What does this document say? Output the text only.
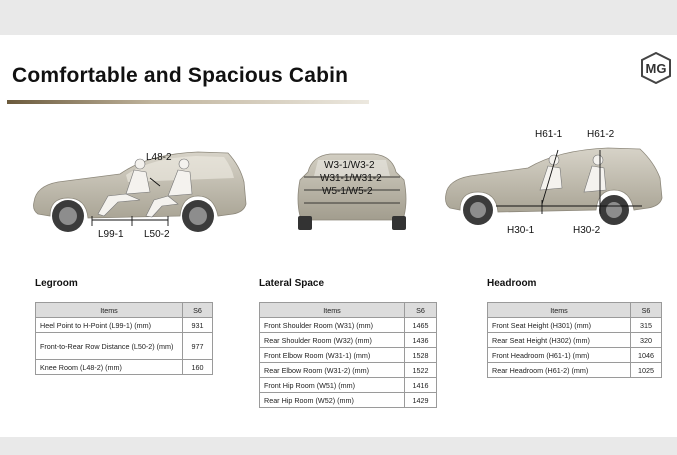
Comfortable and Spacious Cabin	MG
L48-2
L99-1 L50-2
W3-1/W3-2
W31-1/W31-2
W5-1/W5-2
H61-1 H61-2
H30-1	H30-2
Legroom	Lateral Space	Headroom
Items	S6
Heel Point to H-Point (L99-1) (mm)	931
Front-to-Rear Row Distance (L50-2) (mm)	977
Knee Room (L48-2) (mm)	160
Items	S6
Front Shoulder Room (W31) (mm)	1465
Rear Shoulder Room (W32) (mm)	1436
Front Elbow Room (W31-1) (mm)	1528
Rear Elbow Room (W31-2) (mm)	1522
Front Hip Room (W51) (mm)	1416
Rear Hip Room (W52) (mm)	1429
Items	S6
Front Seat Height (H301) (mm)	315
Rear Seat Height (H302) (mm)	320
Front Headroom (H61-1) (mm)	1046
Rear Headroom (H61-2) (mm)	1025
